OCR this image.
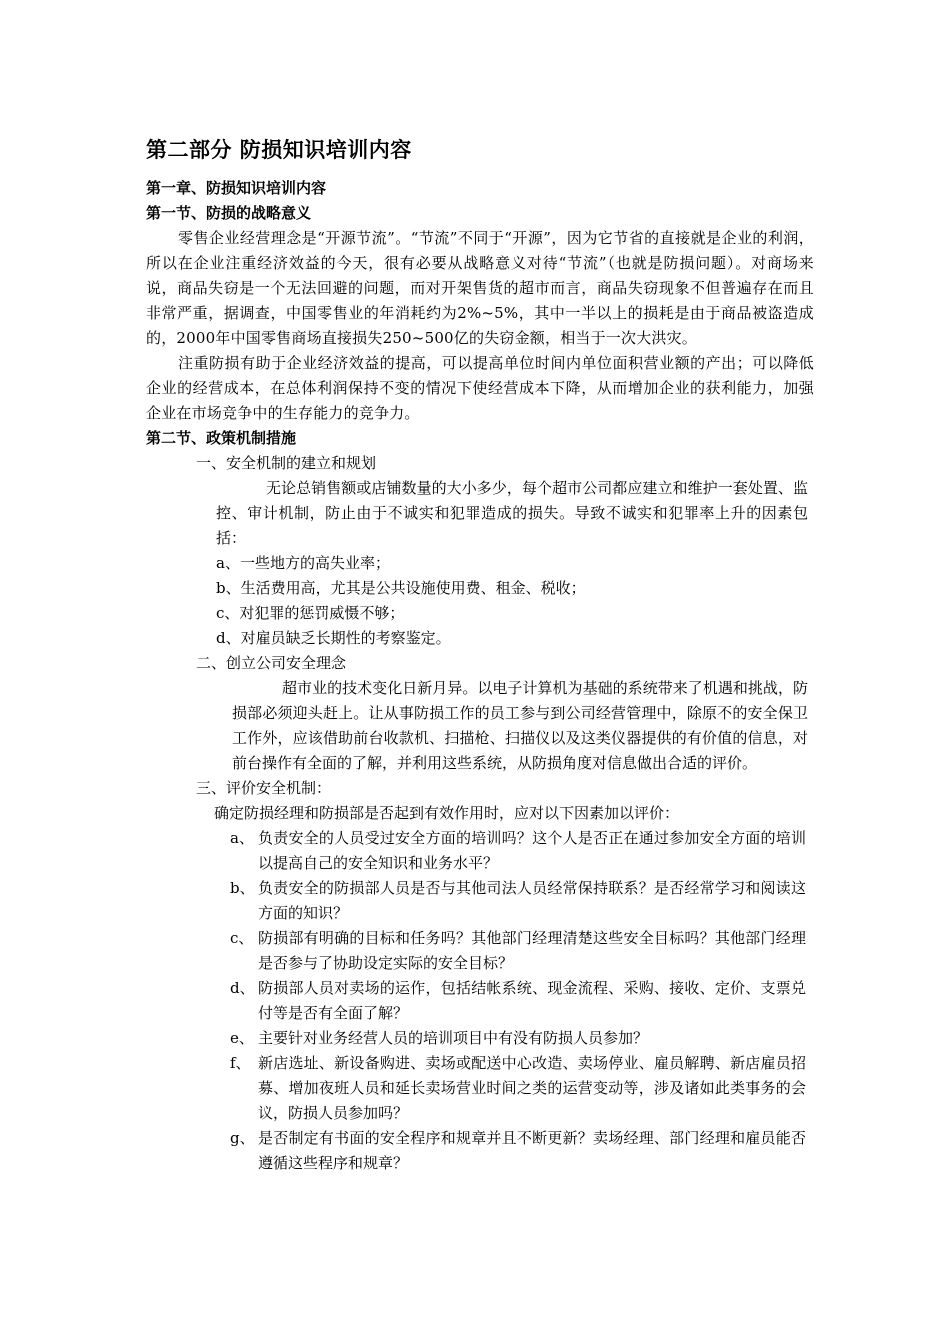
第二部分 防损知识培训内容
第一章、防损知识培训内容
第一节、防损的战略意义
零售企业经营理念是“开源节流”。“节流”不同于“开源”，因为它节省的直接就是企业的利润，所以在企业注重经济效益的今天，很有必要从战略意义对待“节流”（也就是防损问题）。对商场来说，商品失窃是一个无法回避的问题，而对开架售货的超市而言，商品失窃现象不但普遍存在而且非常严重，据调查，中国零售业的年消耗约为2%~5%，其中一半以上的损耗是由于商品被盗造成的，2000年中国零售商场直接损失250~500亿的失窃金额，相当于一次大洪灾。
注重防损有助于企业经济效益的提高，可以提高单位时间内单位面积营业额的产出；可以降低企业的经营成本，在总体利润保持不变的情况下使经营成本下降，从而增加企业的获利能力，加强企业在市场竞争中的生存能力的竞争力。
第二节、政策机制措施
一、安全机制的建立和规划
无论总销售额或店铺数量的大小多少，每个超市公司都应建立和维护一套处置、监控、审计机制，防止由于不诚实和犯罪造成的损失。导致不诚实和犯罪率上升的因素包括：
a、一些地方的高失业率；
b、生活费用高，尤其是公共设施使用费、租金、税收；
c、对犯罪的惩罚威慑不够；
d、对雇员缺乏长期性的考察鉴定。
二、创立公司安全理念
超市业的技术变化日新月异。以电子计算机为基础的系统带来了机遇和挑战，防损部必须迎头赶上。让从事防损工作的员工参与到公司经营管理中，除原不的安全保卫工作外，应该借助前台收款机、扫描枪、扫描仪以及这类仪器提供的有价值的信息，对前台操作有全面的了解，并利用这些系统，从防损角度对信息做出合适的评价。
三、评价安全机制：
确定防损经理和防损部是否起到有效作用时，应对以下因素加以评价：
a、 负责安全的人员受过安全方面的培训吗？这个人是否正在通过参加安全方面的培训以提高自己的安全知识和业务水平？
b、 负责安全的防损部人员是否与其他司法人员经常保持联系？是否经常学习和阅读这方面的知识？
c、 防损部有明确的目标和任务吗？其他部门经理清楚这些安全目标吗？其他部门经理是否参与了协助设定实际的安全目标？
d、 防损部人员对卖场的运作，包括结帐系统、现金流程、采购、接收、定价、支票兑付等是否有全面了解？
e、 主要针对业务经营人员的培训项目中有没有防损人员参加？
f、 新店选址、新设备购进、卖场或配送中心改造、卖场停业、雇员解聘、新店雇员招募、增加夜班人员和延长卖场营业时间之类的运营变动等，涉及诸如此类事务的会议，防损人员参加吗？
g、 是否制定有书面的安全程序和规章并且不断更新？卖场经理、部门经理和雇员能否遵循这些程序和规章？
